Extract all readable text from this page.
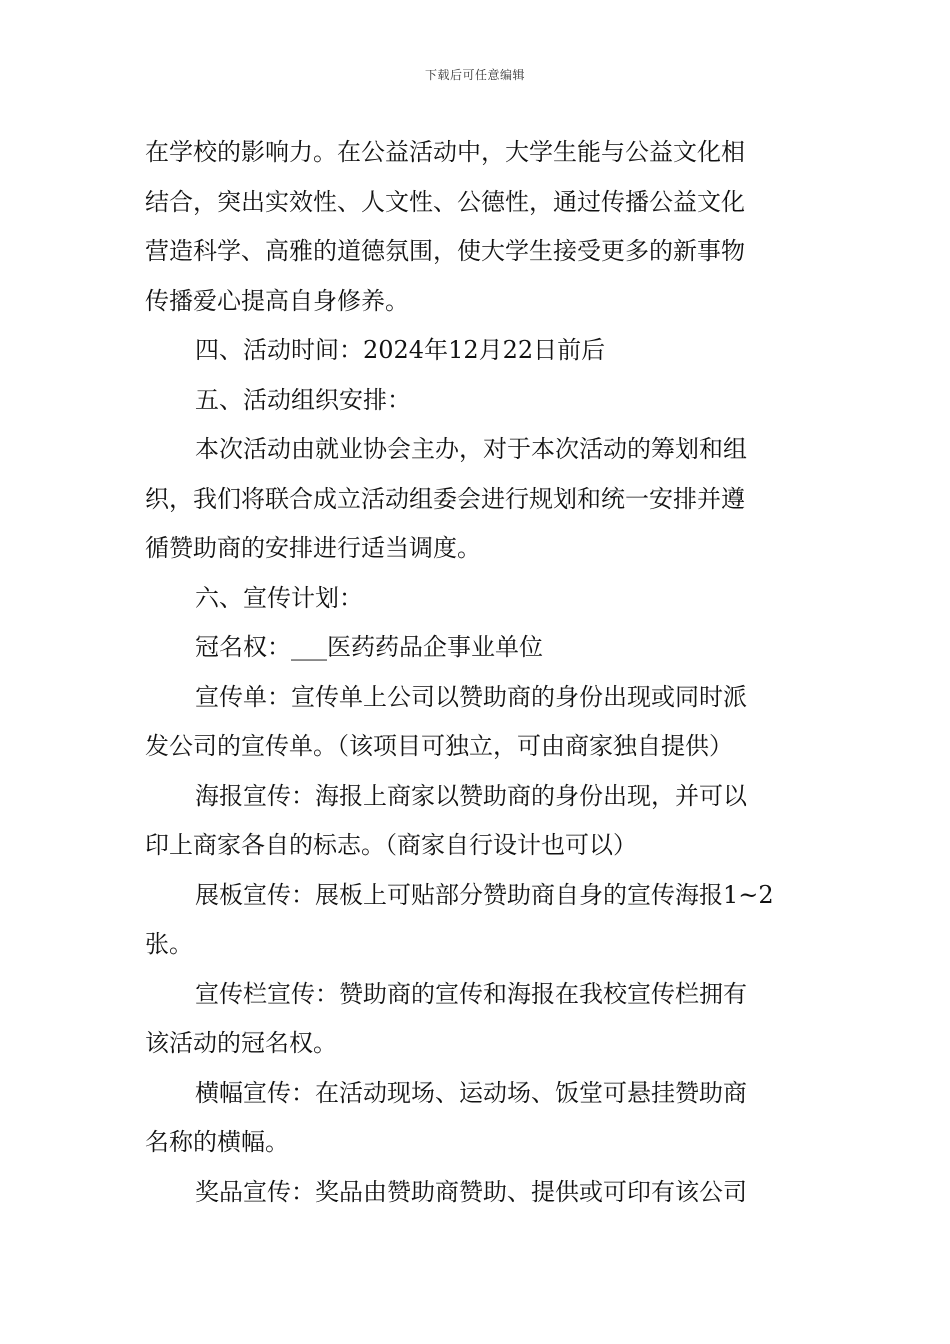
下载后可任意编辑

在学校的影响力。在公益活动中，大学生能与公益文化相

结合，突出实效性、人文性、公德性，通过传播公益文化

营造科学、高雅的道德氛围，使大学生接受更多的新事物

传播爱心提高自身修养。

四、活动时间：2024年12月22日前后

五、活动组织安排：

本次活动由就业协会主办，对于本次活动的筹划和组

织，我们将联合成立活动组委会进行规划和统一安排并遵

循赞助商的安排进行适当调度。

六、宣传计划：

冠名权：___医药药品企事业单位

宣传单：宣传单上公司以赞助商的身份出现或同时派

发公司的宣传单。（该项目可独立，可由商家独自提供）

海报宣传：海报上商家以赞助商的身份出现，并可以

印上商家各自的标志。（商家自行设计也可以）

展板宣传：展板上可贴部分赞助商自身的宣传海报1~2

张。

宣传栏宣传：赞助商的宣传和海报在我校宣传栏拥有

该活动的冠名权。

横幅宣传：在活动现场、运动场、饭堂可悬挂赞助商

名称的横幅。

奖品宣传：奖品由赞助商赞助、提供或可印有该公司
